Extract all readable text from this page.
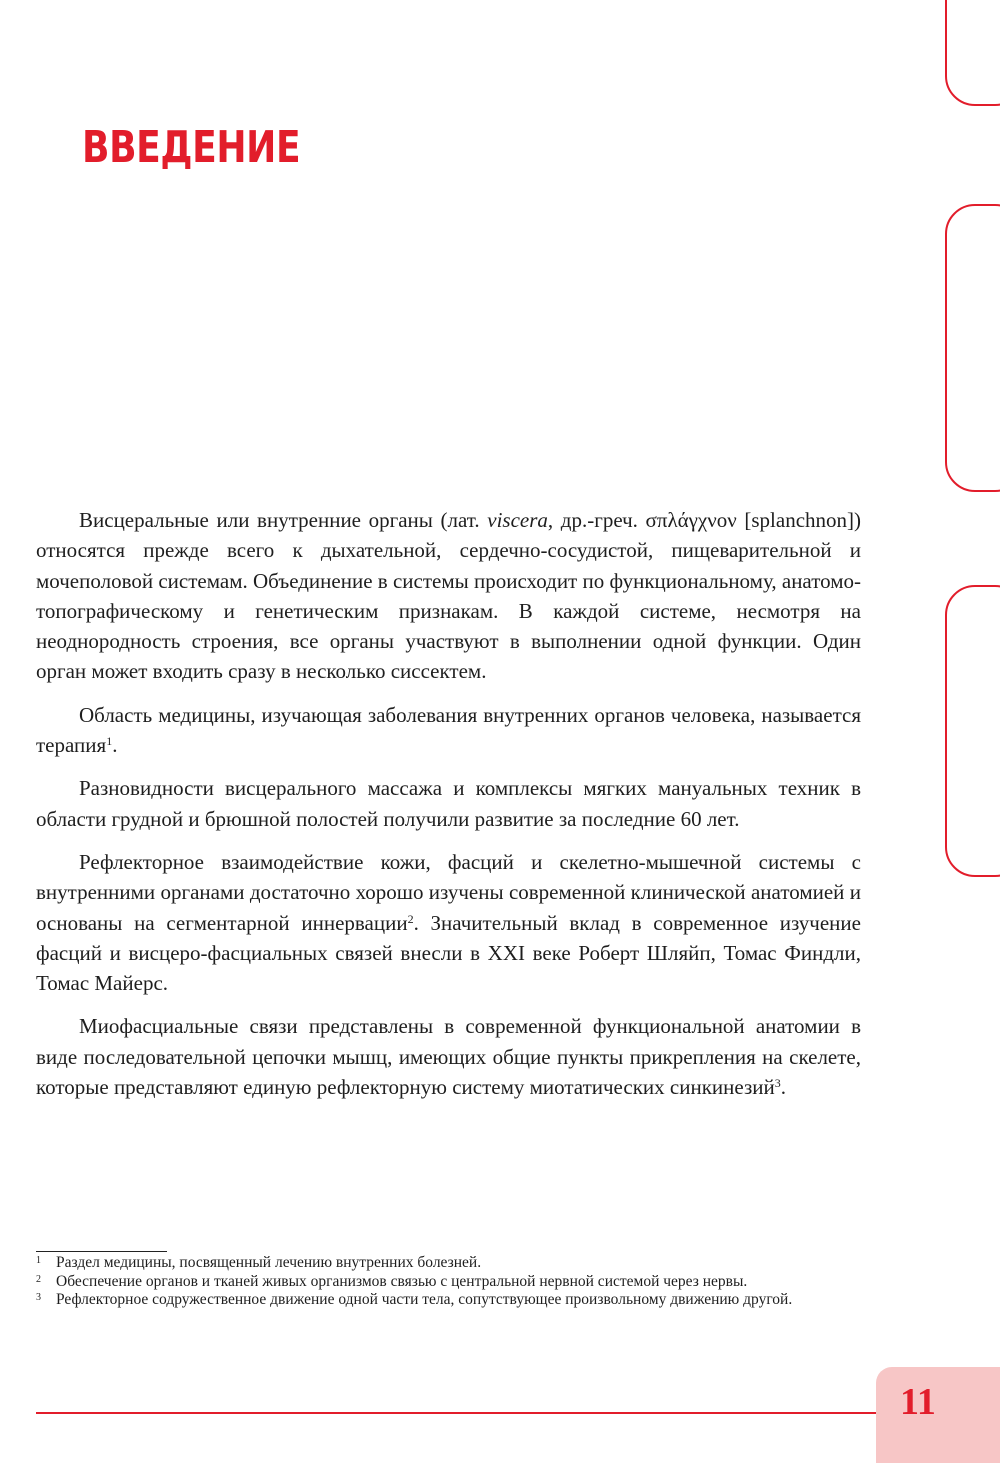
ВВЕДЕНИЕ

Висцеральные или внутренние органы (лат. viscera, др.-греч. σπλάγχνον [splanchnon]) относятся прежде всего к дыхательной, сердечно-сосудистой, пищеварительной и мочеполовой системам. Объединение в системы происходит по функциональному, анатомо-топографическому и генетическим признакам. В каждой системе, несмотря на неоднородность строения, все органы участвуют в выполнении одной функции. Один орган может входить сразу в несколько сиссектем.

Область медицины, изучающая заболевания внутренних органов человека, называется терапия$^1$.

Разновидности висцерального массажа и комплексы мягких мануальных техник в области грудной и брюшной полостей получили развитие за последние 60 лет.

Рефлекторное взаимодействие кожи, фасций и скелетно-мышечной системы с внутренними органами достаточно хорошо изучены современной клинической анатомией и основаны на сегментарной иннервации$^2$. Значительный вклад в современное изучение фасций и висцеро-фасциальных связей внесли в XXI веке Роберт Шляйп, Томас Финдли, Томас Майерс.

Миофасциальные связи представлены в современной функциональной анатомии в виде последовательной цепочки мышц, имеющих общие пункты прикрепления на скелете, которые представляют единую рефлекторную систему миотатических синкинезий$^3$.

1 Раздел медицины, посвященный лечению внутренних болезней.
2 Обеспечение органов и тканей живых организмов связью с центральной нервной системой через нервы.
3 Рефлекторное содружественное движение одной части тела, сопутствующее произвольному движению другой.
11
